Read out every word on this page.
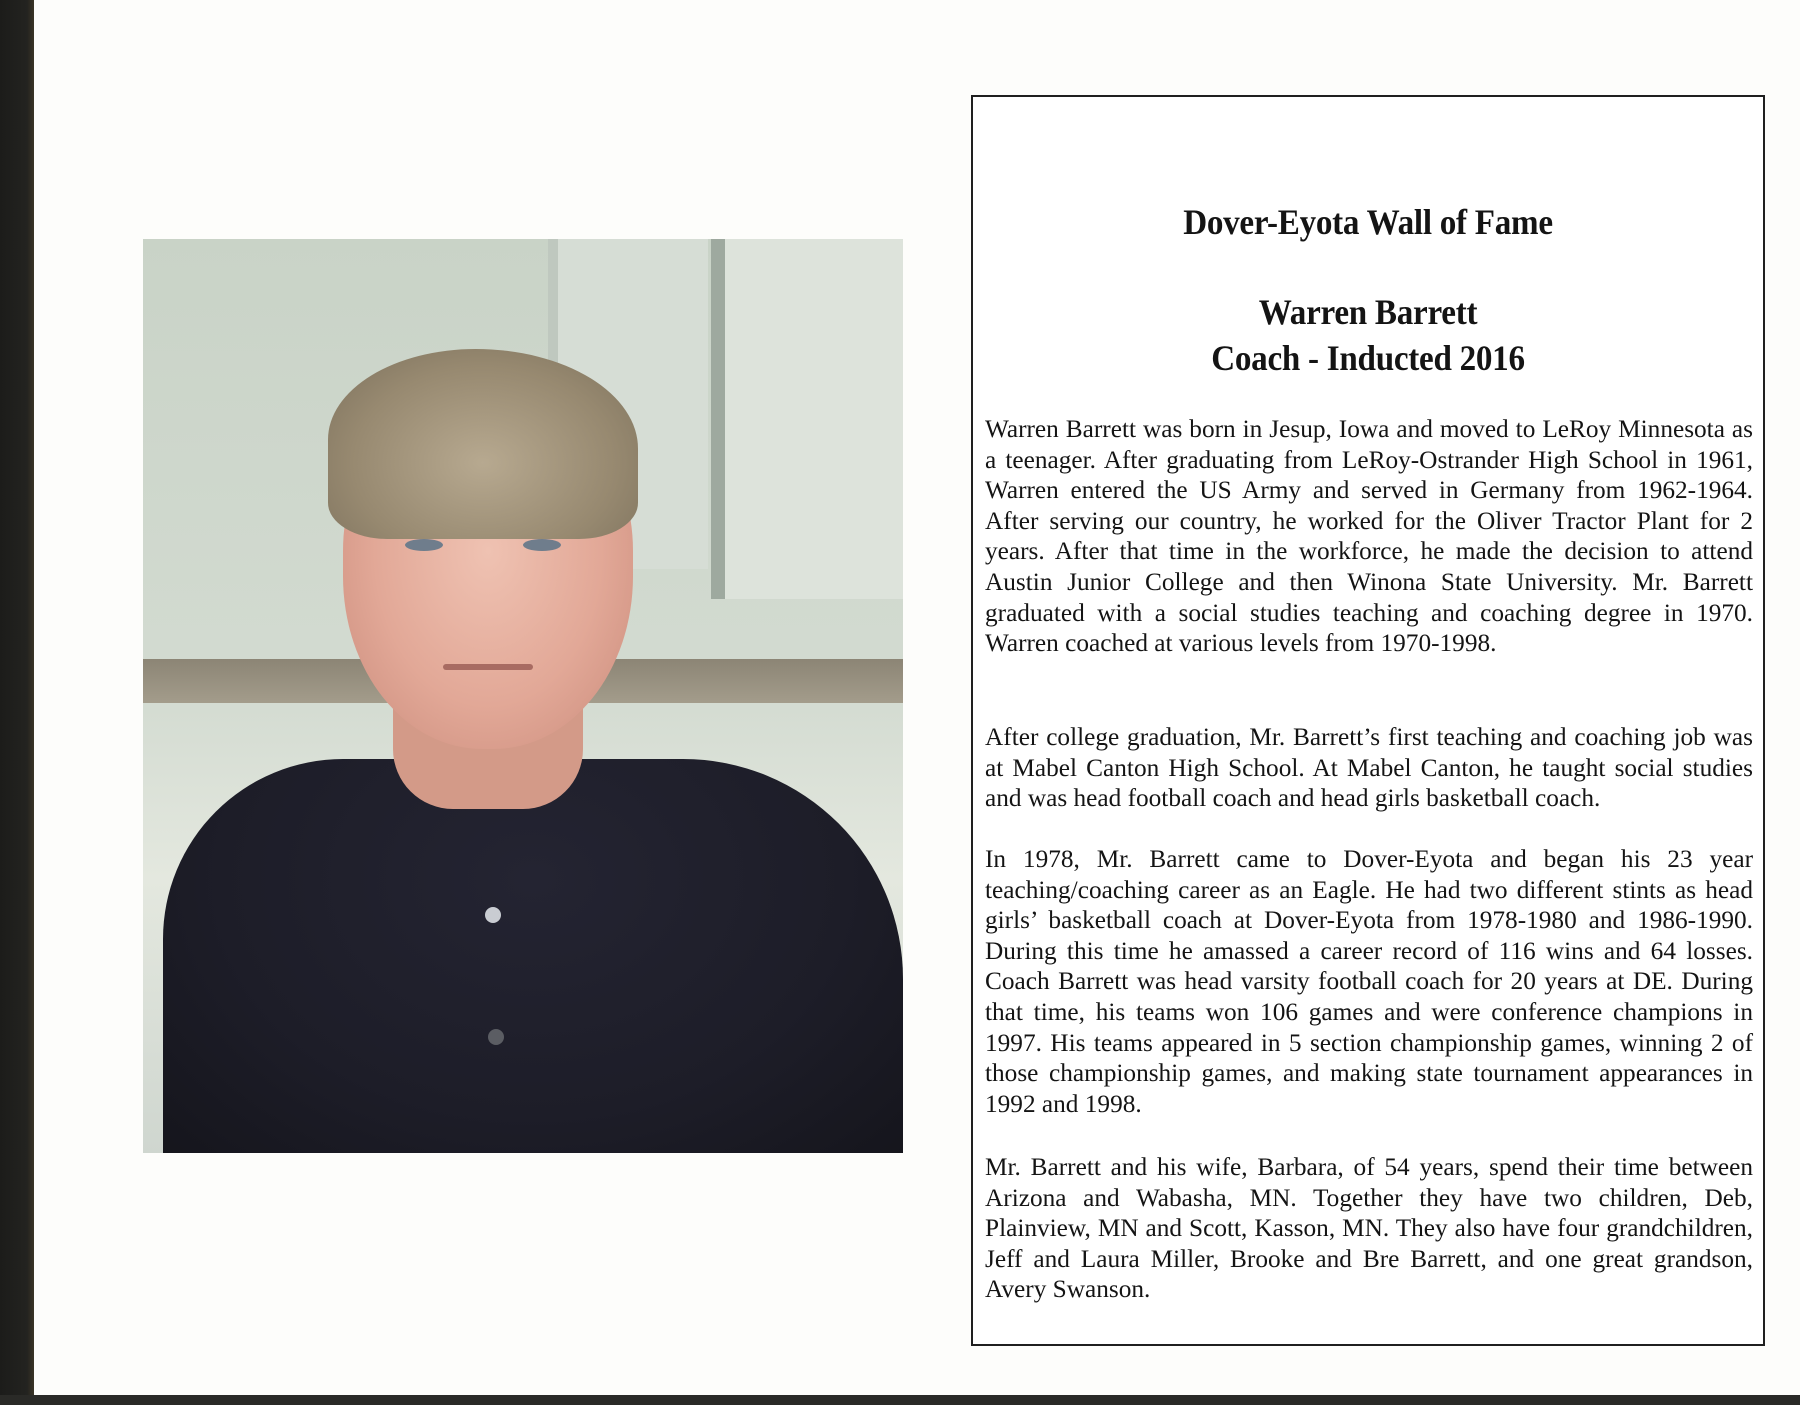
Dover-Eyota Wall of Fame
Warren Barrett
Coach - Inducted 2016

Warren Barrett was born in Jesup, Iowa and moved to LeRoy Minnesota as a teenager. After graduating from LeRoy-Ostrander High School in 1961, Warren entered the US Army and served in Germany from 1962-1964. After serving our country, he worked for the Oliver Tractor Plant for 2 years. After that time in the workforce, he made the decision to attend Austin Junior College and then Winona State University. Mr. Barrett graduated with a social studies teaching and coaching degree in 1970. Warren coached at various levels from 1970-1998.

After college graduation, Mr. Barrett’s first teaching and coaching job was at Mabel Canton High School. At Mabel Canton, he taught social studies and was head football coach and head girls basketball coach.

In 1978, Mr. Barrett came to Dover-Eyota and began his 23 year teaching/coaching career as an Eagle. He had two different stints as head girls’ basketball coach at Dover-Eyota from 1978-1980 and 1986-1990. During this time he amassed a career record of 116 wins and 64 losses. Coach Barrett was head varsity football coach for 20 years at DE. During that time, his teams won 106 games and were conference champions in 1997. His teams appeared in 5 section championship games, winning 2 of those championship games, and making state tournament appearances in 1992 and 1998.

Mr. Barrett and his wife, Barbara, of 54 years, spend their time between Arizona and Wabasha, MN. Together they have two children, Deb, Plainview, MN and Scott, Kasson, MN. They also have four grandchildren, Jeff and Laura Miller, Brooke and Bre Barrett, and one great grandson, Avery Swanson.
